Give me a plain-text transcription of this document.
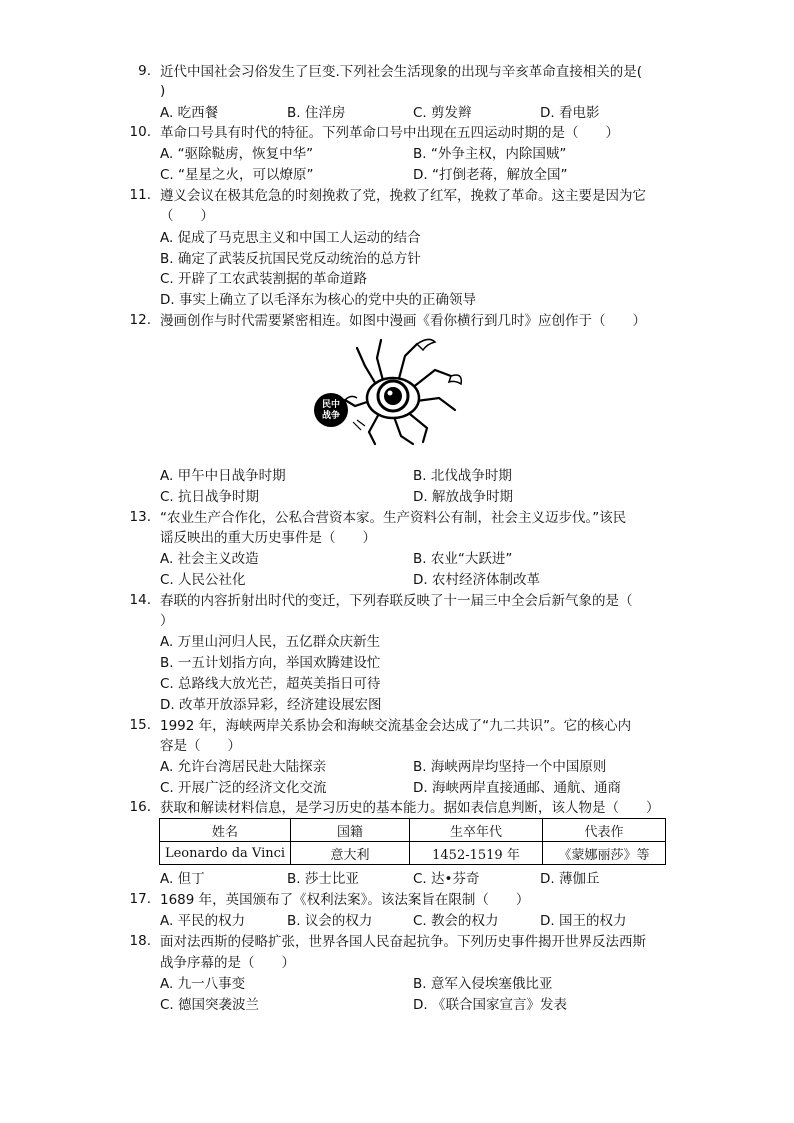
9. 近代中国社会习俗发生了巨变.下列社会生活现象的出现与辛亥革命直接相关的是(
)
A. 吃西餐	B. 住洋房	C. 剪发辫	D. 看电影
10. 革命口号具有时代的特征。下列革命口号中出现在五四运动时期的是（　　）
A. “驱除鞑虏，恢复中华”	B. “外争主权，内除国贼”
C. “星星之火，可以燎原”	D. “打倒老蒋，解放全国”
11. 遵义会议在极其危急的时刻挽救了党，挽救了红军，挽救了革命。这主要是因为它
（　　）
A. 促成了马克思主义和中国工人运动的结合
B. 确定了武装反抗国民党反动统治的总方针
C. 开辟了工农武装割据的革命道路
D. 事实上确立了以毛泽东为核心的党中央的正确领导
12. 漫画创作与时代需要紧密相连。如图中漫画《看你横行到几时》应创作于（　　）
民中
战争
A. 甲午中日战争时期	B. 北伐战争时期
C. 抗日战争时期	D. 解放战争时期
13. “农业生产合作化，公私合营资本家。生产资料公有制，社会主义迈步伐。”该民
谣反映出的重大历史事件是（　　）
A. 社会主义改造	B. 农业“大跃进”
C. 人民公社化	D. 农村经济体制改革
14. 春联的内容折射出时代的变迁，下列春联反映了十一届三中全会后新气象的是（
）
A. 万里山河归人民，五亿群众庆新生
B. 一五计划指方向，举国欢腾建设忙
C. 总路线大放光芒，超英美指日可待
D. 改革开放添异彩，经济建设展宏图
15. 1992 年，海峡两岸关系协会和海峡交流基金会达成了“九二共识”。它的核心内
容是（　　）
A. 允许台湾居民赴大陆探亲	B. 海峡两岸均坚持一个中国原则
C. 开展广泛的经济文化交流	D. 海峡两岸直接通邮、通航、通商
16. 获取和解读材料信息，是学习历史的基本能力。据如表信息判断，该人物是（　　）
姓名	国籍	生卒年代	代表作
Leonardo da Vinci	意大利	1452-1519 年	《蒙娜丽莎》等
A. 但丁	B. 莎士比亚	C. 达•芬奇	D. 薄伽丘
17. 1689 年，英国颁布了《权利法案》。该法案旨在限制（　　）
A. 平民的权力	B. 议会的权力	C. 教会的权力	D. 国王的权力
18. 面对法西斯的侵略扩张，世界各国人民奋起抗争。下列历史事件揭开世界反法西斯
战争序幕的是（　　）
A. 九一八事变	B. 意军入侵埃塞俄比亚
C. 德国突袭波兰	D. 《联合国家宣言》发表
